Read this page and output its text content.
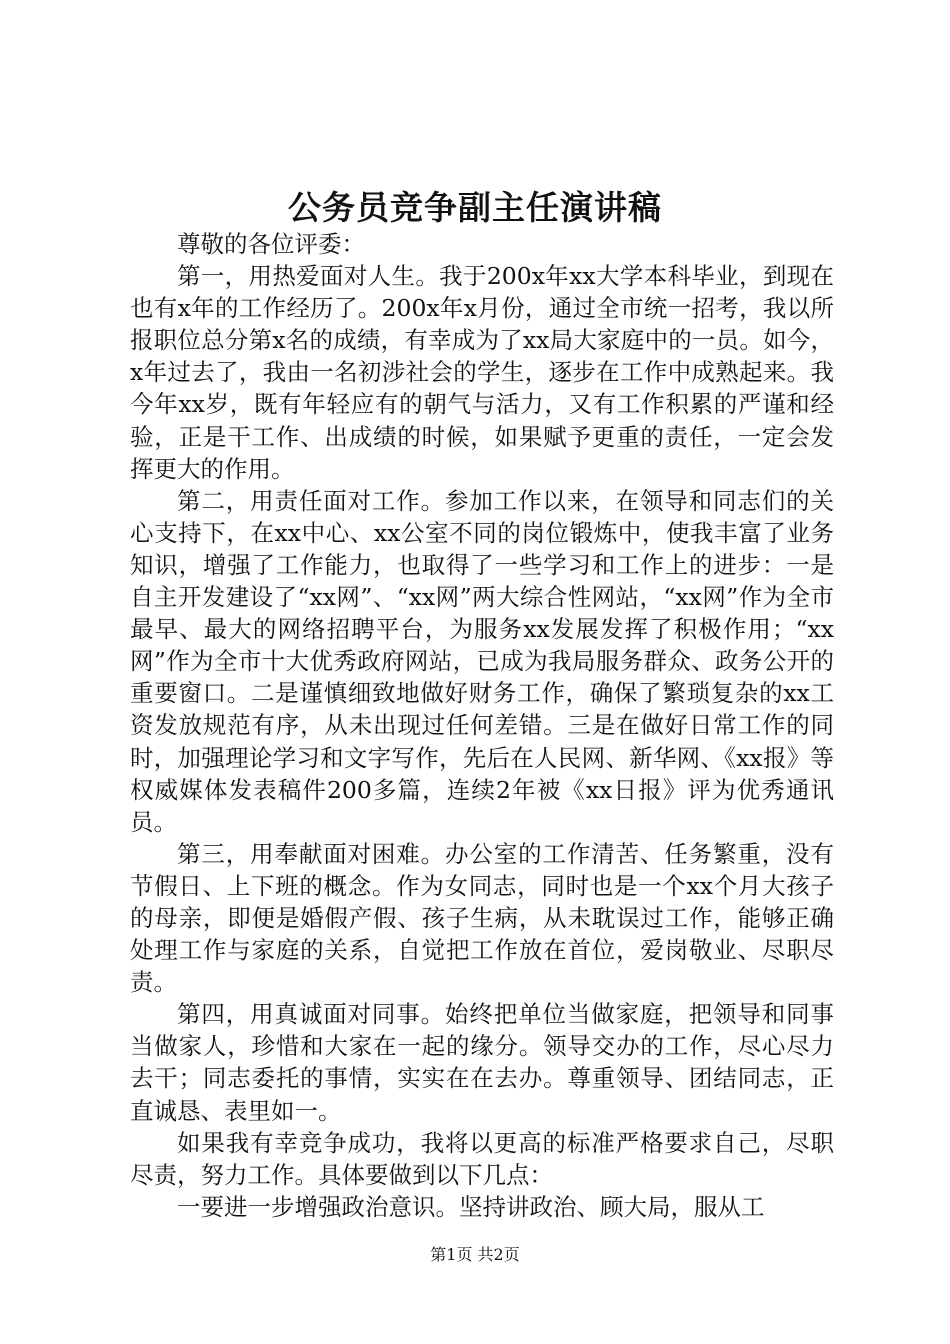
公务员竞争副主任演讲稿

尊敬的各位评委：

第一，用热爱面对人生。我于200x年xx大学本科毕业，到现在也有x年的工作经历了。200x年x月份，通过全市统一招考，我以所报职位总分第x名的成绩，有幸成为了xx局大家庭中的一员。如今，x年过去了，我由一名初涉社会的学生，逐步在工作中成熟起来。我今年xx岁，既有年轻应有的朝气与活力，又有工作积累的严谨和经验，正是干工作、出成绩的时候，如果赋予更重的责任，一定会发挥更大的作用。

第二，用责任面对工作。参加工作以来，在领导和同志们的关心支持下，在xx中心、xx公室不同的岗位锻炼中，使我丰富了业务知识，增强了工作能力，也取得了一些学习和工作上的进步：一是自主开发建设了“xx网”、“xx网”两大综合性网站，“xx网”作为全市最早、最大的网络招聘平台，为服务xx发展发挥了积极作用；“xx网”作为全市十大优秀政府网站，已成为我局服务群众、政务公开的重要窗口。二是谨慎细致地做好财务工作，确保了繁琐复杂的xx工资发放规范有序，从未出现过任何差错。三是在做好日常工作的同时，加强理论学习和文字写作，先后在人民网、新华网、《xx报》等权威媒体发表稿件200多篇，连续2年被《xx日报》评为优秀通讯员。

第三，用奉献面对困难。办公室的工作清苦、任务繁重，没有节假日、上下班的概念。作为女同志，同时也是一个xx个月大孩子的母亲，即便是婚假产假、孩子生病，从未耽误过工作，能够正确处理工作与家庭的关系，自觉把工作放在首位，爱岗敬业、尽职尽责。

第四，用真诚面对同事。始终把单位当做家庭，把领导和同事当做家人，珍惜和大家在一起的缘分。领导交办的工作，尽心尽力去干；同志委托的事情，实实在在去办。尊重领导、团结同志，正直诚恳、表里如一。

如果我有幸竞争成功，我将以更高的标准严格要求自己，尽职尽责，努力工作。具体要做到以下几点：

一要进一步增强政治意识。坚持讲政治、顾大局，服从工

第1页 共2页
